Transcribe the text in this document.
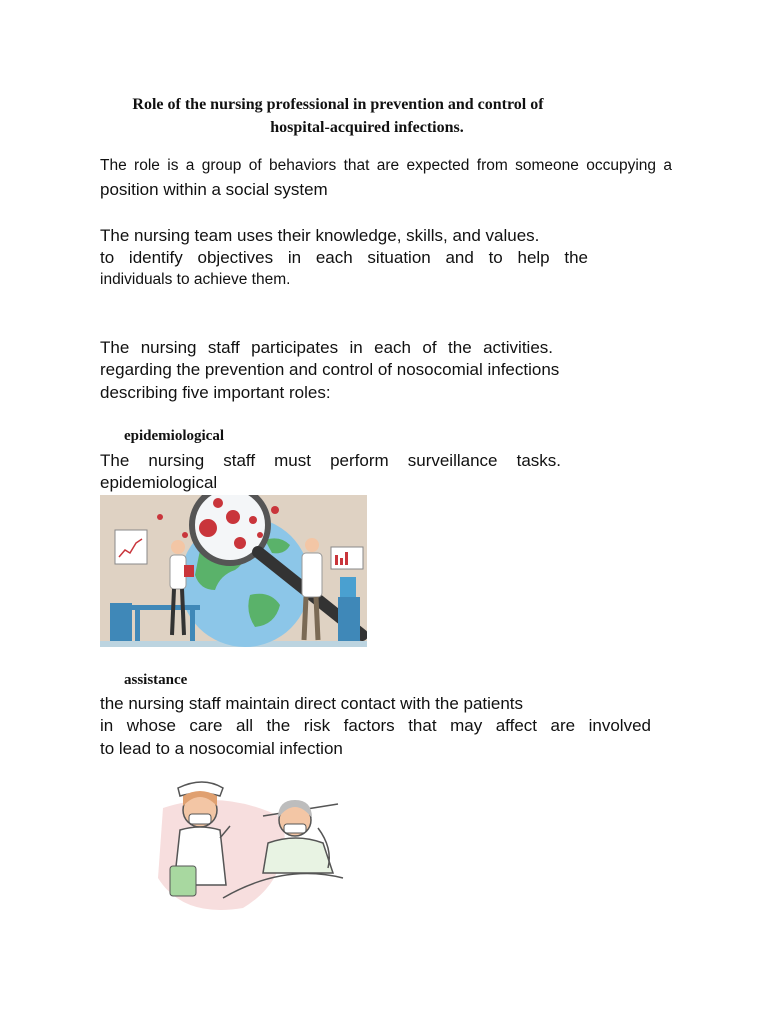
Role of the nursing professional in prevention and control of

hospital-acquired infections.

The role is a group of behaviors that are expected from someone occupying a

position within a social system

The nursing team uses their knowledge, skills, and values.

to identify objectives in each situation and to help the

individuals to achieve them.

The nursing staff participates in each of the activities.

regarding the prevention and control of nosocomial infections

describing five important roles:

epidemiological

The nursing staff must perform surveillance tasks.

epidemiological

assistance

the nursing staff maintain direct contact with the patients

in whose care all the risk factors that may affect are involved

to lead to a nosocomial infection
